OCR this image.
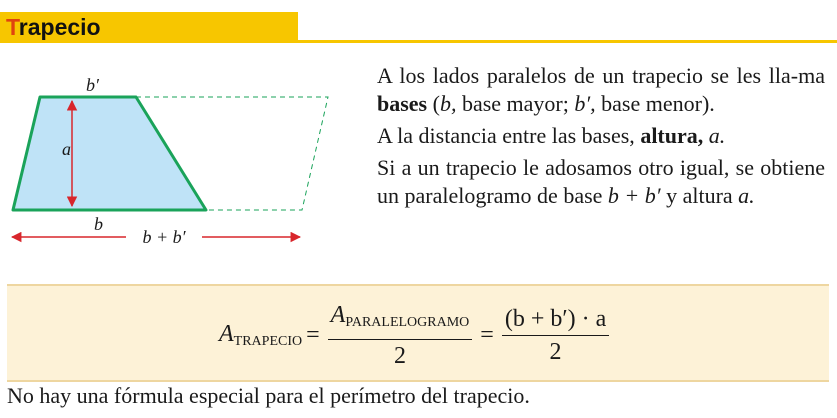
Trapecio
b′
a
b
b + b′

A los lados paralelos de un trapecio se les lla-ma bases (b, base mayor; b′, base menor).

A la distancia entre las bases, altura, a.

Si a un trapecio le adosamos otro igual, se obtiene un paralelogramo de base b + b′ y altura a.

$A_{TRAPECIO} = \frac{A_{PARALELOGRAMO}}{2} = \frac{(b + b') \cdot a}{2}$
No hay una fórmula especial para el perímetro del trapecio.
